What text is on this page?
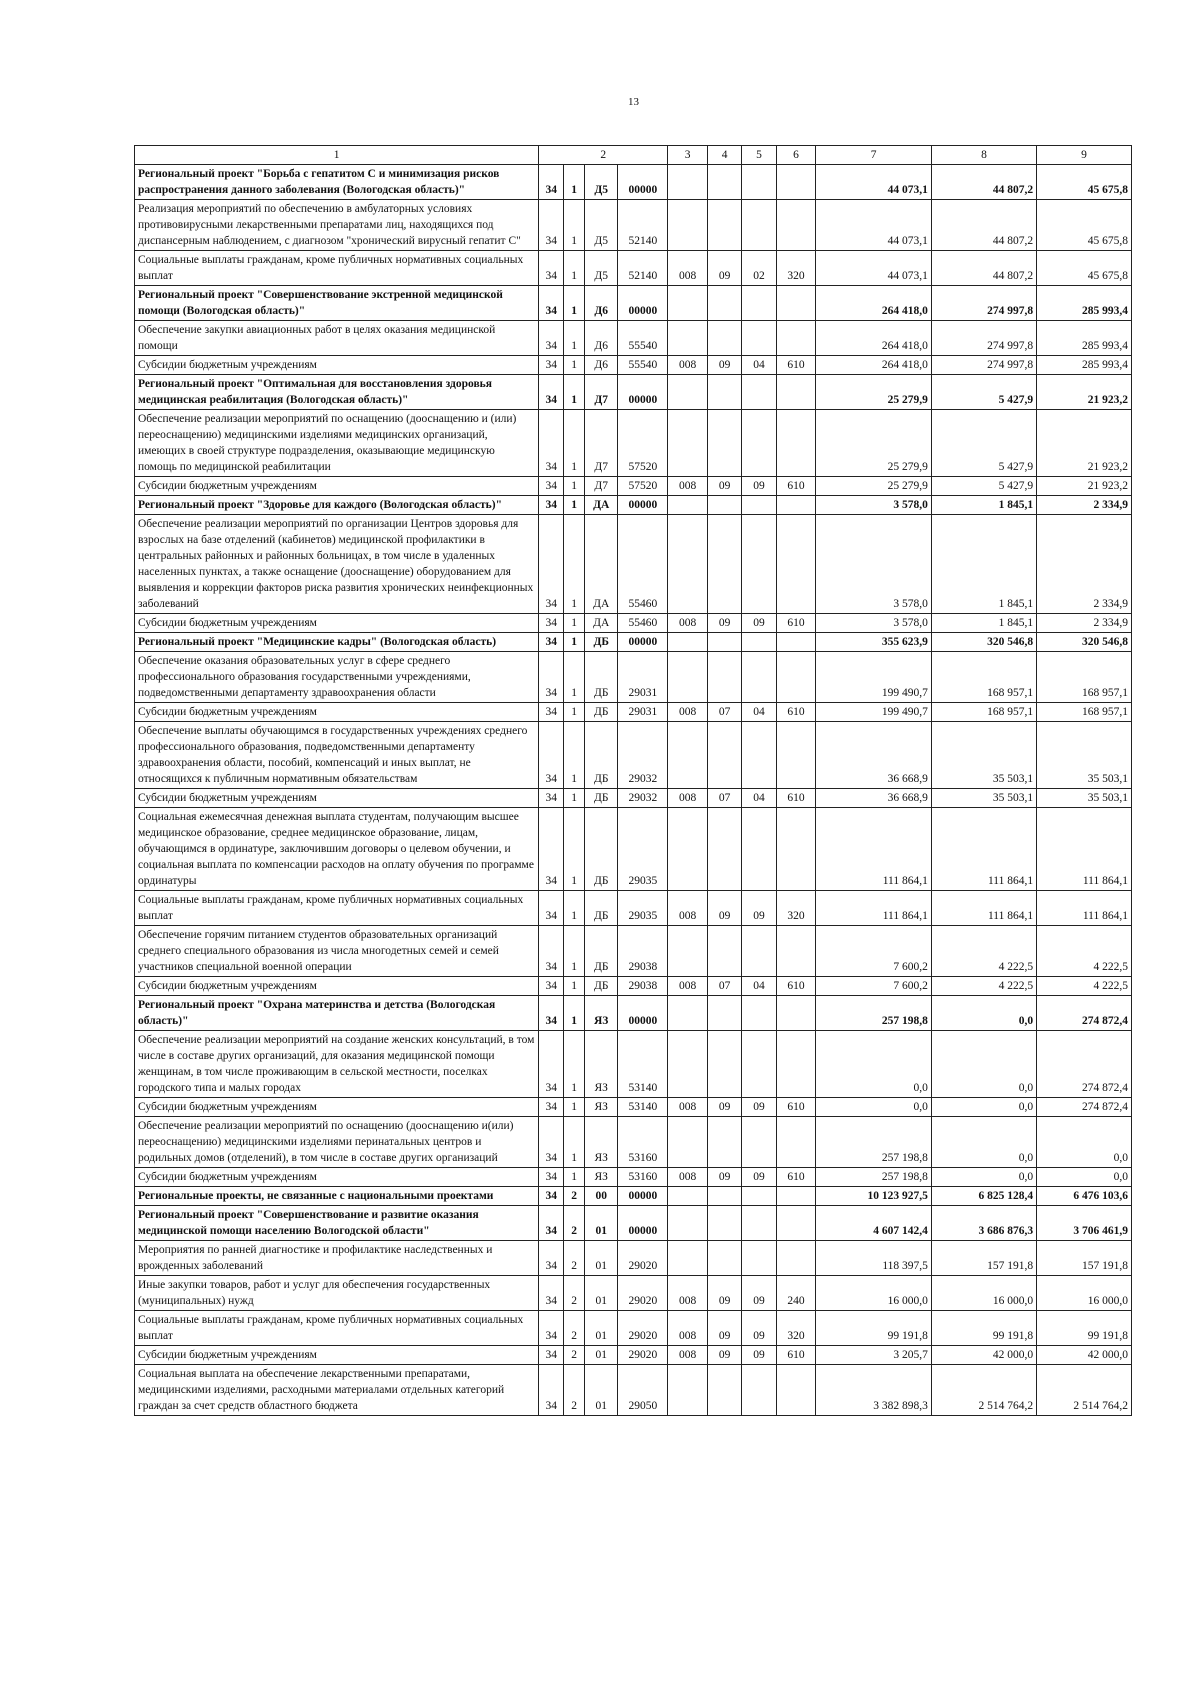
13
1	2				3	4	5	6	7	8	9
Региональный проект "Борьба с гепатитом С и минимизация рисков распространения данного заболевания (Вологодская область)"	34	1	Д5	00000					44 073,1	44 807,2	45 675,8
Реализация мероприятий по обеспечению в амбулаторных условиях противовирусными лекарственными препаратами лиц, находящихся под диспансерным наблюдением, с диагнозом "хронический вирусный гепатит С"	34	1	Д5	52140					44 073,1	44 807,2	45 675,8
Социальные выплаты гражданам, кроме публичных нормативных социальных выплат	34	1	Д5	52140	008	09	02	320	44 073,1	44 807,2	45 675,8
Региональный проект "Совершенствование экстренной медицинской помощи (Вологодская область)"	34	1	Д6	00000					264 418,0	274 997,8	285 993,4
Обеспечение закупки авиационных работ в целях оказания медицинской помощи	34	1	Д6	55540					264 418,0	274 997,8	285 993,4
Субсидии бюджетным учреждениям	34	1	Д6	55540	008	09	04	610	264 418,0	274 997,8	285 993,4
Региональный проект "Оптимальная для восстановления здоровья медицинская реабилитация (Вологодская область)"	34	1	Д7	00000					25 279,9	5 427,9	21 923,2
Обеспечение реализации мероприятий по оснащению (дооснащению и (или) переоснащению) медицинскими изделиями медицинских организаций, имеющих в своей структуре подразделения, оказывающие медицинскую помощь по медицинской реабилитации	34	1	Д7	57520					25 279,9	5 427,9	21 923,2
Субсидии бюджетным учреждениям	34	1	Д7	57520	008	09	09	610	25 279,9	5 427,9	21 923,2
Региональный проект "Здоровье для каждого (Вологодская область)"	34	1	ДА	00000					3 578,0	1 845,1	2 334,9
Обеспечение реализации мероприятий по организации Центров здоровья для взрослых на базе отделений (кабинетов) медицинской профилактики в центральных районных и районных больницах, в том числе в удаленных населенных пунктах, а также оснащение (дооснащение) оборудованием для выявления и коррекции факторов риска развития хронических неинфекционных заболеваний	34	1	ДА	55460					3 578,0	1 845,1	2 334,9
Субсидии бюджетным учреждениям	34	1	ДА	55460	008	09	09	610	3 578,0	1 845,1	2 334,9
Региональный проект "Медицинские кадры" (Вологодская область)	34	1	ДБ	00000					355 623,9	320 546,8	320 546,8
Обеспечение оказания образовательных услуг в сфере среднего профессионального образования государственными учреждениями, подведомственными департаменту здравоохранения области	34	1	ДБ	29031					199 490,7	168 957,1	168 957,1
Субсидии бюджетным учреждениям	34	1	ДБ	29031	008	07	04	610	199 490,7	168 957,1	168 957,1
Обеспечение выплаты обучающимся в государственных учреждениях среднего профессионального образования, подведомственными департаменту здравоохранения области, пособий, компенсаций и иных выплат, не относящихся к публичным нормативным обязательствам	34	1	ДБ	29032					36 668,9	35 503,1	35 503,1
Субсидии бюджетным учреждениям	34	1	ДБ	29032	008	07	04	610	36 668,9	35 503,1	35 503,1
Социальная ежемесячная денежная выплата студентам, получающим высшее медицинское образование, среднее медицинское образование, лицам, обучающимся в ординатуре, заключившим договоры о целевом обучении, и социальная выплата по компенсации расходов на оплату обучения по программе ординатуры	34	1	ДБ	29035					111 864,1	111 864,1	111 864,1
Социальные выплаты гражданам, кроме публичных нормативных социальных выплат	34	1	ДБ	29035	008	09	09	320	111 864,1	111 864,1	111 864,1
Обеспечение горячим питанием студентов образовательных организаций среднего специального образования из числа многодетных семей и семей участников специальной военной операции	34	1	ДБ	29038					7 600,2	4 222,5	4 222,5
Субсидии бюджетным учреждениям	34	1	ДБ	29038	008	07	04	610	7 600,2	4 222,5	4 222,5
Региональный проект "Охрана материнства и детства (Вологодская область)"	34	1	ЯЗ	00000					257 198,8	0,0	274 872,4
Обеспечение реализации мероприятий на создание женских консультаций, в том числе в составе других организаций, для оказания медицинской помощи женщинам, в том числе проживающим в сельской местности, поселках городского типа и малых городах	34	1	ЯЗ	53140					0,0	0,0	274 872,4
Субсидии бюджетным учреждениям	34	1	ЯЗ	53140	008	09	09	610	0,0	0,0	274 872,4
Обеспечение реализации мероприятий по оснащению (дооснащению и(или) переоснащению) медицинскими изделиями перинатальных центров и родильных домов (отделений), в том числе в составе других организаций	34	1	ЯЗ	53160					257 198,8	0,0	0,0
Субсидии бюджетным учреждениям	34	1	ЯЗ	53160	008	09	09	610	257 198,8	0,0	0,0
Региональные проекты, не связанные с национальными проектами	34	2	00	00000					10 123 927,5	6 825 128,4	6 476 103,6
Региональный проект "Совершенствование и развитие оказания медицинской помощи населению Вологодской области"	34	2	01	00000					4 607 142,4	3 686 876,3	3 706 461,9
Мероприятия по ранней диагностике и профилактике наследственных и врожденных заболеваний	34	2	01	29020					118 397,5	157 191,8	157 191,8
Иные закупки товаров, работ и услуг для обеспечения государственных (муниципальных) нужд	34	2	01	29020	008	09	09	240	16 000,0	16 000,0	16 000,0
Социальные выплаты гражданам, кроме публичных нормативных социальных выплат	34	2	01	29020	008	09	09	320	99 191,8	99 191,8	99 191,8
Субсидии бюджетным учреждениям	34	2	01	29020	008	09	09	610	3 205,7	42 000,0	42 000,0
Социальная выплата на обеспечение лекарственными препаратами, медицинскими изделиями, расходными материалами отдельных категорий граждан за счет средств областного бюджета	34	2	01	29050					3 382 898,3	2 514 764,2	2 514 764,2
